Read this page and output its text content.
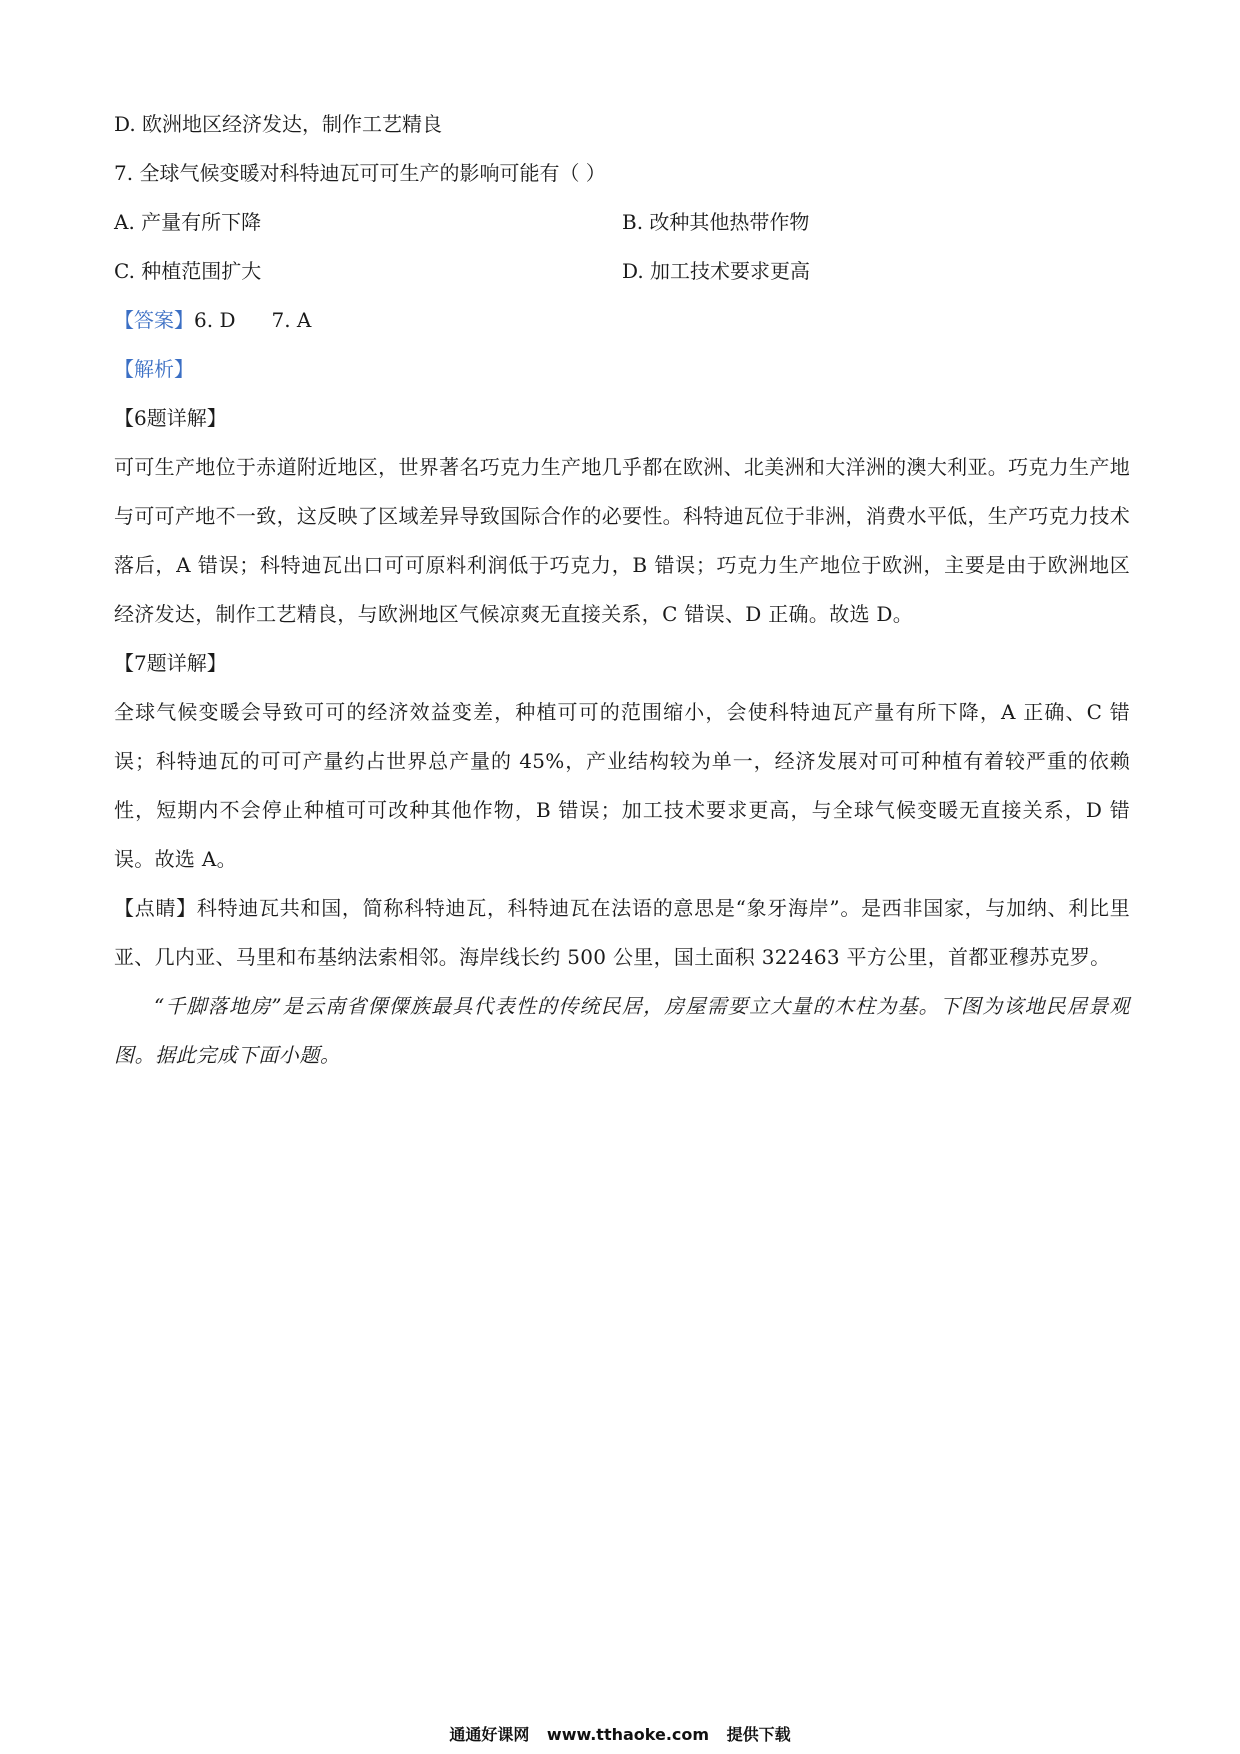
D. 欧洲地区经济发达，制作工艺精良
7. 全球气候变暖对科特迪瓦可可生产的影响可能有（ ）
A. 产量有所下降	B. 改种其他热带作物
C. 种植范围扩大	D. 加工技术要求更高
【答案】6. D 7. A
【解析】
【6题详解】
可可生产地位于赤道附近地区，世界著名巧克力生产地几乎都在欧洲、北美洲和大洋洲的澳大利亚。巧克力生产地与可可产地不一致，这反映了区域差异导致国际合作的必要性。科特迪瓦位于非洲，消费水平低，生产巧克力技术落后，A 错误；科特迪瓦出口可可原料利润低于巧克力，B 错误；巧克力生产地位于欧洲，主要是由于欧洲地区经济发达，制作工艺精良，与欧洲地区气候凉爽无直接关系，C 错误、D 正确。故选 D。
【7题详解】
全球气候变暖会导致可可的经济效益变差，种植可可的范围缩小，会使科特迪瓦产量有所下降，A 正确、C 错误；科特迪瓦的可可产量约占世界总产量的 45%，产业结构较为单一，经济发展对可可种植有着较严重的依赖性，短期内不会停止种植可可改种其他作物，B 错误；加工技术要求更高，与全球气候变暖无直接关系，D 错误。故选 A。
【点睛】科特迪瓦共和国，简称科特迪瓦，科特迪瓦在法语的意思是“象牙海岸”。是西非国家，与加纳、利比里亚、几内亚、马里和布基纳法索相邻。海岸线长约 500 公里，国土面积 322463 平方公里，首都亚穆苏克罗。
“千脚落地房”是云南省傈僳族最具代表性的传统民居，房屋需要立大量的木柱为基。下图为该地民居景观图。据此完成下面小题。
通通好课网 www.tthaoke.com 提供下载
